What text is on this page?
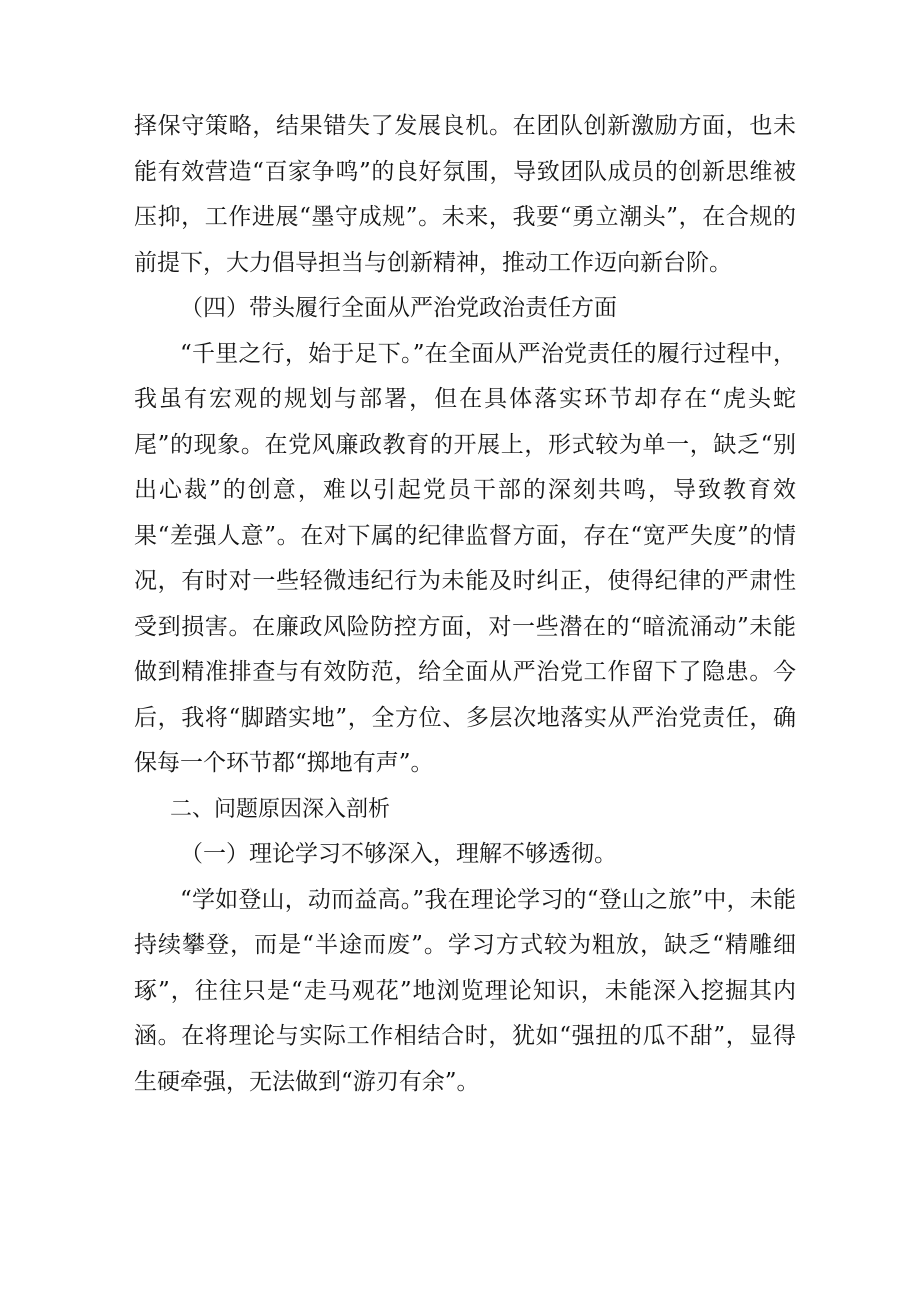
择保守策略，结果错失了发展良机。在团队创新激励方面，也未能有效营造“百家争鸣”的良好氛围，导致团队成员的创新思维被压抑，工作进展“墨守成规”。未来，我要“勇立潮头”，在合规的前提下，大力倡导担当与创新精神，推动工作迈向新台阶。

（四）带头履行全面从严治党政治责任方面

“千里之行，始于足下。”在全面从严治党责任的履行过程中，我虽有宏观的规划与部署，但在具体落实环节却存在“虎头蛇尾”的现象。在党风廉政教育的开展上，形式较为单一，缺乏“别出心裁”的创意，难以引起党员干部的深刻共鸣，导致教育效果“差强人意”。在对下属的纪律监督方面，存在“宽严失度”的情况，有时对一些轻微违纪行为未能及时纠正，使得纪律的严肃性受到损害。在廉政风险防控方面，对一些潜在的“暗流涌动”未能做到精准排查与有效防范，给全面从严治党工作留下了隐患。今后，我将“脚踏实地”，全方位、多层次地落实从严治党责任，确保每一个环节都“掷地有声”。

二、问题原因深入剖析

（一）理论学习不够深入，理解不够透彻。

“学如登山，动而益高。”我在理论学习的“登山之旅”中，未能持续攀登，而是“半途而废”。学习方式较为粗放，缺乏“精雕细琢”，往往只是“走马观花”地浏览理论知识，未能深入挖掘其内涵。在将理论与实际工作相结合时，犹如“强扭的瓜不甜”，显得生硬牵强，无法做到“游刃有余”。
